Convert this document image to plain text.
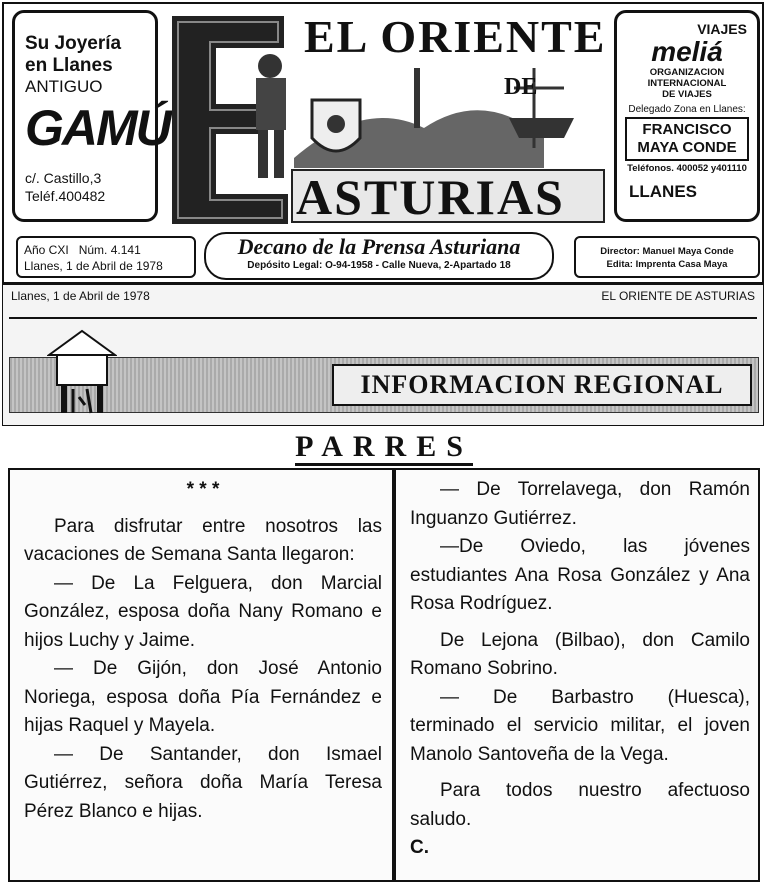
Su Joyería
en Llanes
ANTIGUO
GAMÚ
c/. Castillo,3
Teléf.400482
EL ORIENTE
DE
ASTURIAS
VIAJES
meliá
ORGANIZACION
INTERNACIONAL
DE VIAJES
Delegado Zona en Llanes:
FRANCISCO
MAYA CONDE
Teléfonos. 400052 y401110
LLANES
Año CXI Núm. 4.141
Llanes, 1 de Abril de 1978
Decano de la Prensa Asturiana
Depósito Legal: O-94-1958 - Calle Nueva, 2-Apartado 18
Director: Manuel Maya Conde
Edita: Imprenta Casa Maya
Llanes, 1 de Abril de 1978	EL ORIENTE DE ASTURIAS
INFORMACION REGIONAL
PARRES

* * *

Para disfrutar entre nosotros las vacaciones de Semana Santa llegaron:

— De La Felguera, don Marcial González, esposa doña Nany Romano e hijos Luchy y Jaime.

— De Gijón, don José Antonio Noriega, esposa doña Pía Fernández e hijas Raquel y Mayela.

— De Santander, don Ismael Gutiérrez, señora doña María Teresa Pérez Blanco e hijas.

— De Torrelavega, don Ramón Inguanzo Gutiérrez.

—De Oviedo, las jóvenes estudiantes Ana Rosa González y Ana Rosa Rodríguez.

De Lejona (Bilbao), don Camilo Romano Sobrino.

— De Barbastro (Huesca), terminado el servicio militar, el joven Manolo Santoveña de la Vega.

Para todos nuestro afectuoso saludo.

C.
